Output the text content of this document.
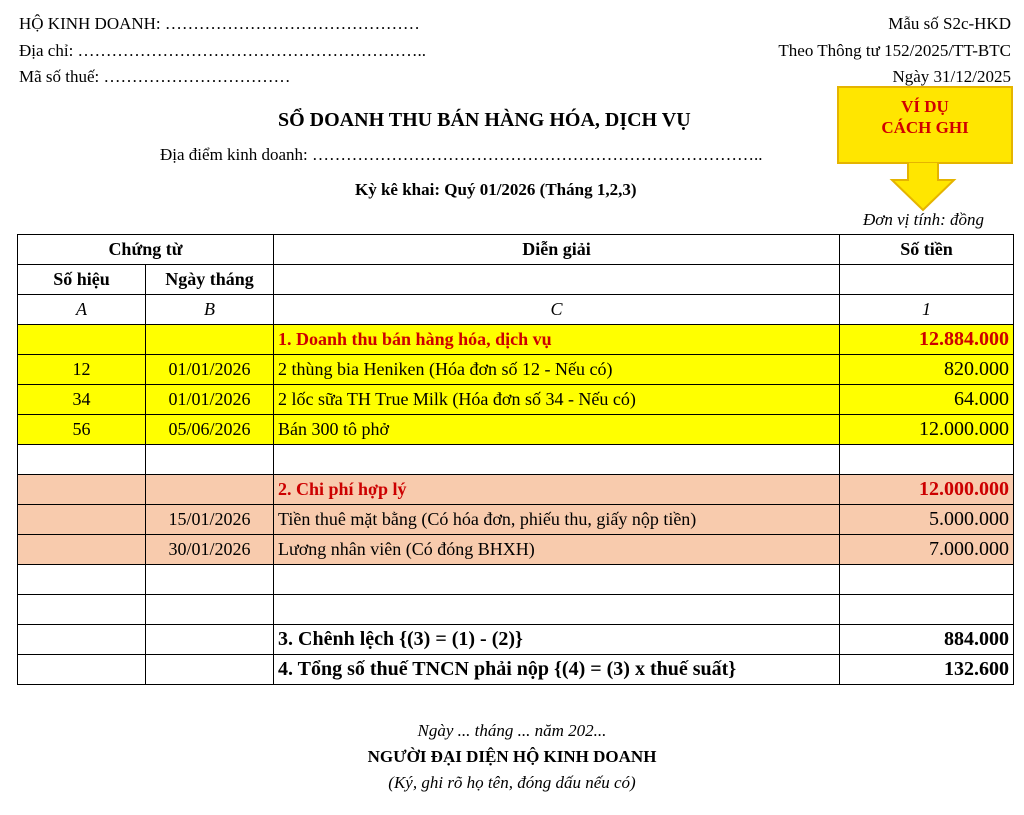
HỘ KINH DOANH: ………………………………………
Địa chỉ: ……………………………………………………..
Mã số thuế: ……………………………
Mẫu số S2c-HKD
Theo Thông tư 152/2025/TT-BTC
Ngày 31/12/2025
SỔ DOANH THU BÁN HÀNG HÓA, DỊCH VỤ
Địa điểm kinh doanh: ……………………………………………………………………..
Kỳ kê khai: Quý 01/2026 (Tháng 1,2,3)
Đơn vị tính: đồng
VÍ DỤ
CÁCH GHI
Chứng từ		Diễn giải	Số tiền
Số hiệu	Ngày tháng		
A	B	C	1
		1. Doanh thu bán hàng hóa, dịch vụ	12.884.000
12	01/01/2026	2 thùng bia Heniken (Hóa đơn số 12 - Nếu có)	820.000
34	01/01/2026	2 lốc sữa TH True Milk (Hóa đơn số 34 - Nếu có)	64.000
56	05/06/2026	Bán 300 tô phở	12.000.000

		2. Chi phí hợp lý	12.000.000
	15/01/2026	Tiền thuê mặt bằng (Có hóa đơn, phiếu thu, giấy nộp tiền)	5.000.000
	30/01/2026	Lương nhân viên (Có đóng BHXH)	7.000.000

		3. Chênh lệch {(3) = (1) - (2)}	884.000
		4. Tổng số thuế TNCN phải nộp {(4) = (3) x thuế suất}	132.600
Ngày ... tháng ... năm 202...
NGƯỜI ĐẠI DIỆN HỘ KINH DOANH
(Ký, ghi rõ họ tên, đóng dấu nếu có)
